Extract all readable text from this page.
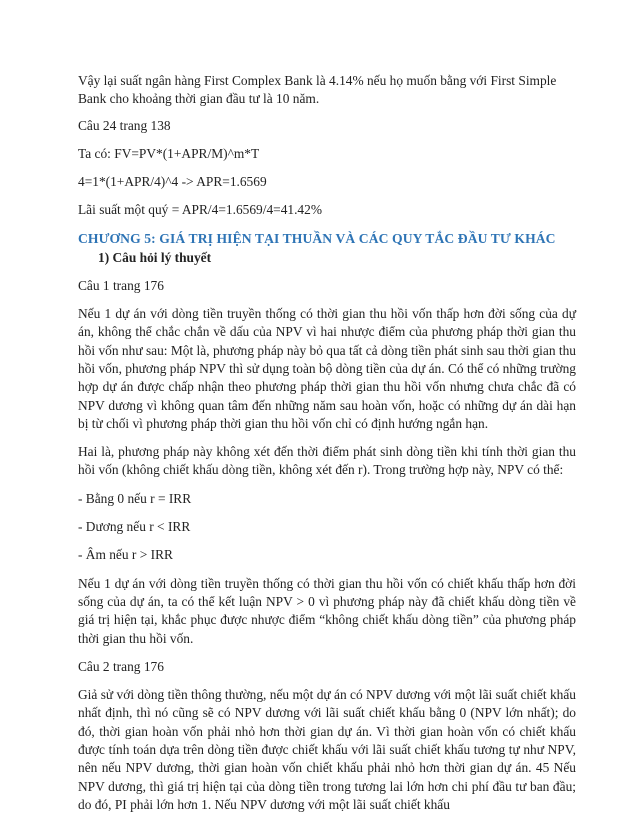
Vậy lại suất ngân hàng First Complex Bank là 4.14% nếu họ muốn bằng với First Simple Bank cho khoảng thời gian đầu tư là 10 năm.

Câu 24 trang 138

Ta có: FV=PV*(1+APR/M)^m*T

4=1*(1+APR/4)^4 -> APR=1.6569

Lãi suất một quý = APR/4=1.6569/4=41.42%

CHƯƠNG 5: GIÁ TRỊ HIỆN TẠI THUẦN VÀ CÁC QUY TẮC ĐẦU TƯ KHÁC
1) Câu hỏi lý thuyết

Câu 1 trang 176

Nếu 1 dự án với dòng tiền truyền thống có thời gian thu hồi vốn thấp hơn đời sống của dự án, không thể chắc chắn về dấu của NPV vì hai nhược điểm của phương pháp thời gian thu hồi vốn như sau: Một là, phương pháp này bỏ qua tất cả dòng tiền phát sinh sau thời gian thu hồi vốn, phương pháp NPV thì sử dụng toàn bộ dòng tiền của dự án. Có thể có những trường hợp dự án được chấp nhận theo phương pháp thời gian thu hồi vốn nhưng chưa chắc đã có NPV dương vì không quan tâm đến những năm sau hoàn vốn, hoặc có những dự án dài hạn bị từ chối vì phương pháp thời gian thu hồi vốn chỉ có định hướng ngắn hạn.

Hai là, phương pháp này không xét đến thời điểm phát sinh dòng tiền khi tính thời gian thu hồi vốn (không chiết khấu dòng tiền, không xét đến r). Trong trường hợp này, NPV có thể:

- Bằng 0 nếu r = IRR

- Dương nếu r < IRR

- Âm nếu r > IRR

Nếu 1 dự án với dòng tiền truyền thống có thời gian thu hồi vốn có chiết khấu thấp hơn đời sống của dự án, ta có thể kết luận NPV > 0 vì phương pháp này đã chiết khấu dòng tiền về giá trị hiện tại, khắc phục được nhược điểm “không chiết khấu dòng tiền” của phương pháp thời gian thu hồi vốn.

Câu 2 trang 176

Giả sử với dòng tiền thông thường, nếu một dự án có NPV dương với một lãi suất chiết khấu nhất định, thì nó cũng sẽ có NPV dương với lãi suất chiết khấu bằng 0 (NPV lớn nhất); do đó, thời gian hoàn vốn phải nhỏ hơn thời gian dự án. Vì thời gian hoàn vốn có chiết khấu được tính toán dựa trên dòng tiền được chiết khấu với lãi suất chiết khấu tương tự như NPV, nên nếu NPV dương, thời gian hoàn vốn chiết khấu phải nhỏ hơn thời gian dự án. 45 Nếu NPV dương, thì giá trị hiện tại của dòng tiền trong tương lai lớn hơn chi phí đầu tư ban đầu; do đó, PI phải lớn hơn 1. Nếu NPV dương với một lãi suất chiết khấu
